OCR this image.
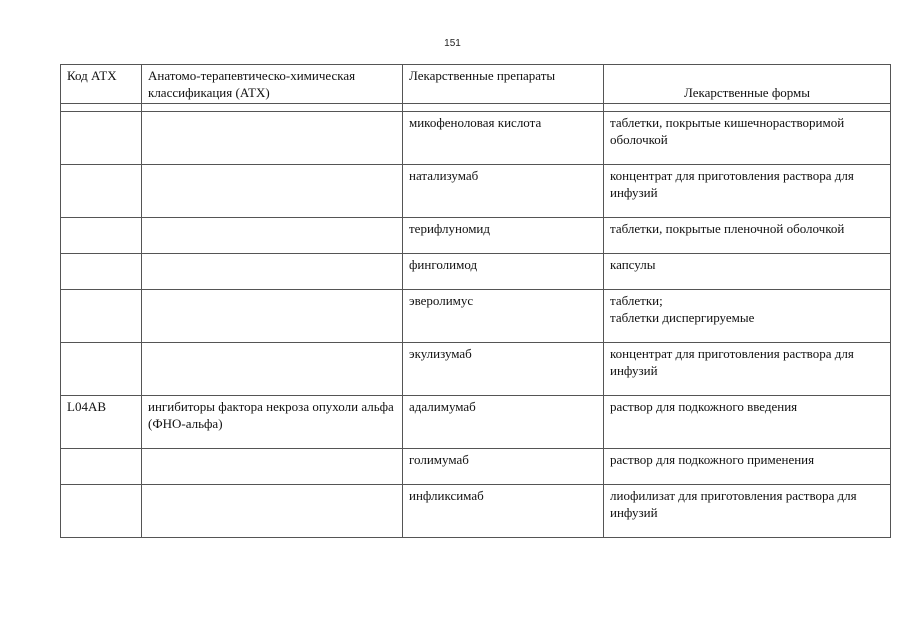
151
Код АТХ	Анатомо-терапевтическо-химическая классификация (АТХ)	Лекарственные препараты	Лекарственные формы

		микофеноловая кислота	таблетки, покрытые кишечнорастворимой оболочкой

		натализумаб	концентрат для приготовления раствора для инфузий

		терифлуномид	таблетки, покрытые пленочной оболочкой

		финголимод	капсулы

		эверолимус	таблетки;
таблетки диспергируемые

		экулизумаб	концентрат для приготовления раствора для инфузий

L04AB	ингибиторы фактора некроза опухоли альфа (ФНО-альфа)	адалимумаб	раствор для подкожного введения

		голимумаб	раствор для подкожного применения

		инфликсимаб	лиофилизат для приготовления раствора для инфузий
